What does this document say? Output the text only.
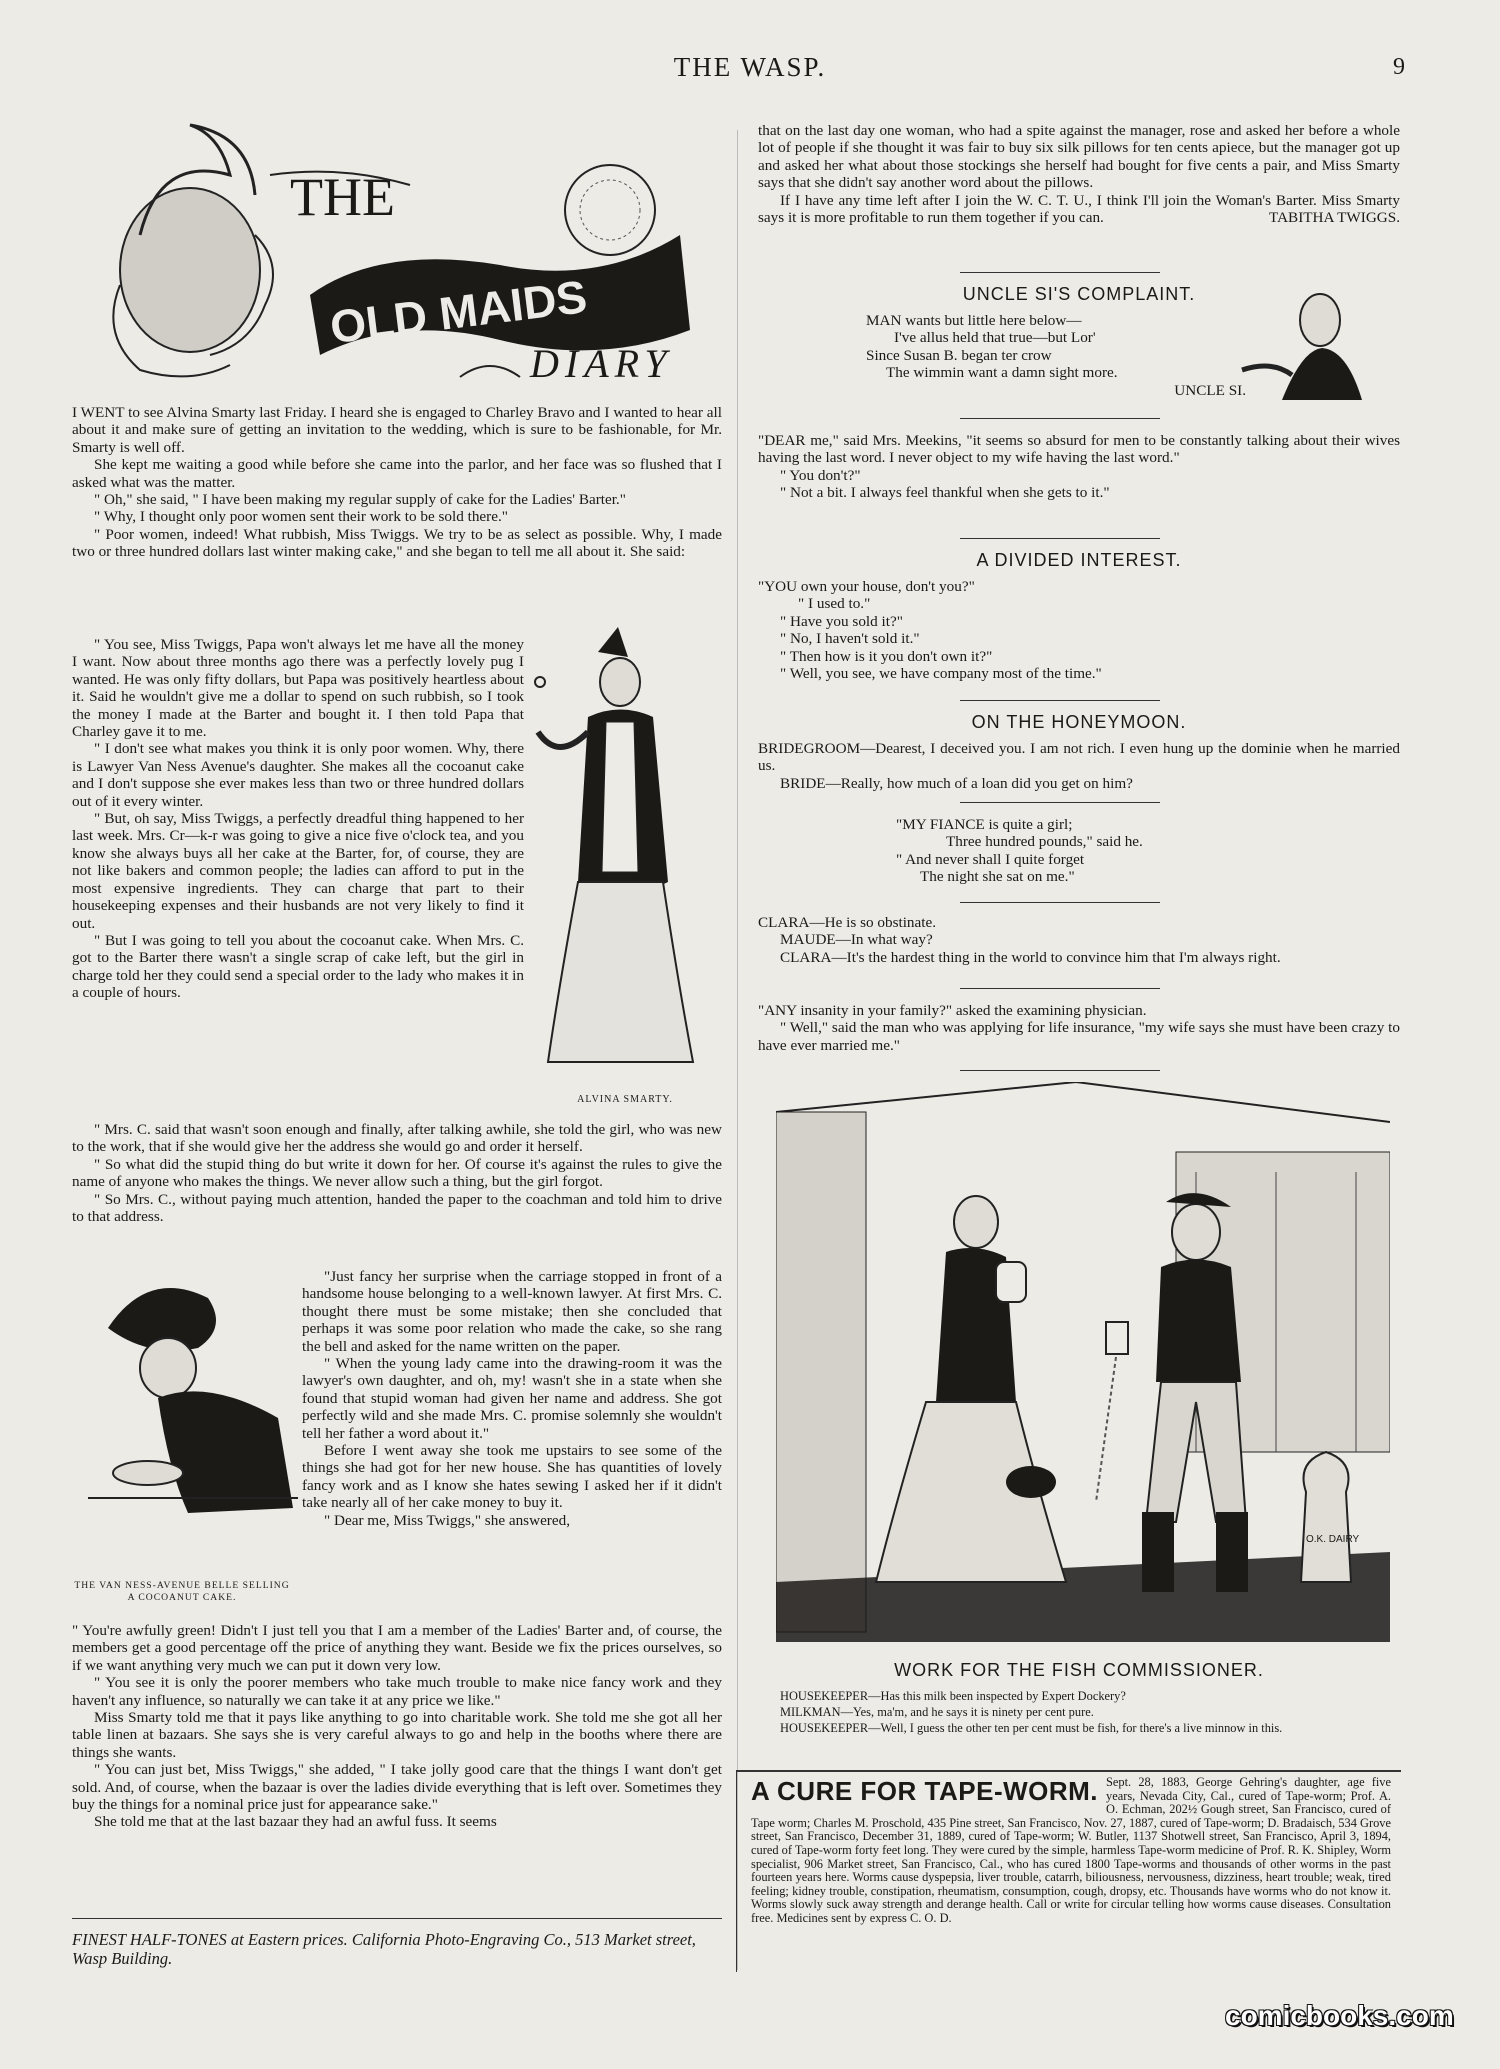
THE WASP.	9
OLD MAIDS
THE
DIARY

I WENT to see Alvina Smarty last Friday. I heard she is engaged to Charley Bravo and I wanted to hear all about it and make sure of getting an invitation to the wedding, which is sure to be fashionable, for Mr. Smarty is well off.

She kept me waiting a good while before she came into the parlor, and her face was so flushed that I asked what was the matter.

" Oh," she said, " I have been making my regular supply of cake for the Ladies' Barter."

" Why, I thought only poor women sent their work to be sold there."

" Poor women, indeed! What rubbish, Miss Twiggs. We try to be as select as possible. Why, I made two or three hundred dollars last winter making cake," and she began to tell me all about it. She said:

" You see, Miss Twiggs, Papa won't always let me have all the money I want. Now about three months ago there was a perfectly lovely pug I wanted. He was only fifty dollars, but Papa was positively heartless about it. Said he wouldn't give me a dollar to spend on such rubbish, so I took the money I made at the Barter and bought it. I then told Papa that Charley gave it to me.

" I don't see what makes you think it is only poor women. Why, there is Lawyer Van Ness Avenue's daughter. She makes all the cocoanut cake and I don't suppose she ever makes less than two or three hundred dollars out of it every winter.

" But, oh say, Miss Twiggs, a perfectly dreadful thing happened to her last week. Mrs. Cr—k-r was going to give a nice five o'clock tea, and you know she always buys all her cake at the Barter, for, of course, they are not like bakers and common people; the ladies can afford to put in the most expensive ingredients. They can charge that part to their housekeeping expenses and their husbands are not very likely to find it out.

" But I was going to tell you about the cocoanut cake. When Mrs. C. got to the Barter there wasn't a single scrap of cake left, but the girl in charge told her they could send a special order to the lady who makes it in a couple of hours.

ALVINA SMARTY.

" Mrs. C. said that wasn't soon enough and finally, after talking awhile, she told the girl, who was new to the work, that if she would give her the address she would go and order it herself.

" So what did the stupid thing do but write it down for her. Of course it's against the rules to give the name of anyone who makes the things. We never allow such a thing, but the girl forgot.

" So Mrs. C., without paying much attention, handed the paper to the coachman and told him to drive to that address.

THE VAN NESS-AVENUE BELLE SELLING A COCOANUT CAKE.

"Just fancy her surprise when the carriage stopped in front of a handsome house belonging to a well-known lawyer. At first Mrs. C. thought there must be some mistake; then she concluded that perhaps it was some poor relation who made the cake, so she rang the bell and asked for the name written on the paper.

" When the young lady came into the drawing-room it was the lawyer's own daughter, and oh, my! wasn't she in a state when she found that stupid woman had given her name and address. She got perfectly wild and she made Mrs. C. promise solemnly she wouldn't tell her father a word about it."

Before I went away she took me upstairs to see some of the things she had got for her new house. She has quantities of lovely fancy work and as I know she hates sewing I asked her if it didn't take nearly all of her cake money to buy it.

" Dear me, Miss Twiggs," she answered,

" You're awfully green! Didn't I just tell you that I am a member of the Ladies' Barter and, of course, the members get a good percentage off the price of anything they want. Beside we fix the prices ourselves, so if we want anything very much we can put it down very low.

" You see it is only the poorer members who take much trouble to make nice fancy work and they haven't any influence, so naturally we can take it at any price we like."

Miss Smarty told me that it pays like anything to go into charitable work. She told me she got all her table linen at bazaars. She says she is very careful always to go and help in the booths where there are things she wants.

" You can just bet, Miss Twiggs," she added, " I take jolly good care that the things I want don't get sold. And, of course, when the bazaar is over the ladies divide everything that is left over. Sometimes they buy the things for a nominal price just for appearance sake."

She told me that at the last bazaar they had an awful fuss. It seems

FINEST HALF-TONES at Eastern prices. California Photo-Engraving Co., 513 Market street, Wasp Building.

that on the last day one woman, who had a spite against the manager, rose and asked her before a whole lot of people if she thought it was fair to buy six silk pillows for ten cents apiece, but the manager got up and asked her what about those stockings she herself had bought for five cents a pair, and Miss Smarty says that she didn't say another word about the pillows.

If I have any time left after I join the W. C. T. U., I think I'll join the Woman's Barter. Miss Smarty says it is more profitable to run them together if you can.	TABITHA TWIGGS.
UNCLE SI'S COMPLAINT.
MAN wants but little here below—
I've allus held that true—but Lor'
Since Susan B. began ter crow
The wimmin want a damn sight more.
UNCLE SI.

"DEAR me," said Mrs. Meekins, "it seems so absurd for men to be constantly talking about their wives having the last word. I never object to my wife having the last word."

" You don't?"

" Not a bit. I always feel thankful when she gets to it."

A DIVIDED INTEREST.

"YOU own your house, don't you?"

" I used to."

" Have you sold it?"

" No, I haven't sold it."

" Then how is it you don't own it?"

" Well, you see, we have company most of the time."

ON THE HONEYMOON.

BRIDEGROOM—Dearest, I deceived you. I am not rich. I even hung up the dominie when he married us.

BRIDE—Really, how much of a loan did you get on him?

"MY FIANCE is quite a girl;
Three hundred pounds," said he.
" And never shall I quite forget
The night she sat on me."

CLARA—He is so obstinate.

MAUDE—In what way?

CLARA—It's the hardest thing in the world to convince him that I'm always right.

"ANY insanity in your family?" asked the examining physician.

" Well," said the man who was applying for life insurance, "my wife says she must have been crazy to have ever married me."

O.K. DAIRY
WORK FOR THE FISH COMMISSIONER.

HOUSEKEEPER—Has this milk been inspected by Expert Dockery?

MILKMAN—Yes, ma'm, and he says it is ninety per cent pure.

HOUSEKEEPER—Well, I guess the other ten per cent must be fish, for there's a live minnow in this.

A CURE FOR TAPE-WORM. Sept. 28, 1883, George Gehring's daughter, age five years, Nevada City, Cal., cured of Tape-worm; Prof. A. O. Echman, 202½ Gough street, San Francisco, cured of Tape worm; Charles M. Proschold, 435 Pine street, San Francisco, Nov. 27, 1887, cured of Tape-worm; D. Bradaisch, 534 Grove street, San Francisco, December 31, 1889, cured of Tape-worm; W. Butler, 1137 Shotwell street, San Francisco, April 3, 1894, cured of Tape-worm forty feet long. They were cured by the simple, harmless Tape-worm medicine of Prof. R. K. Shipley, Worm specialist, 906 Market street, San Francisco, Cal., who has cured 1800 Tape-worms and thousands of other worms in the past fourteen years here. Worms cause dyspepsia, liver trouble, catarrh, biliousness, nervousness, dizziness, heart trouble; weak, tired feeling; kidney trouble, constipation, rheumatism, consumption, cough, dropsy, etc. Thousands have worms who do not know it. Worms slowly suck away strength and derange health. Call or write for circular telling how worms cause diseases. Consultation free. Medicines sent by express C. O. D.
comicbooks.com
